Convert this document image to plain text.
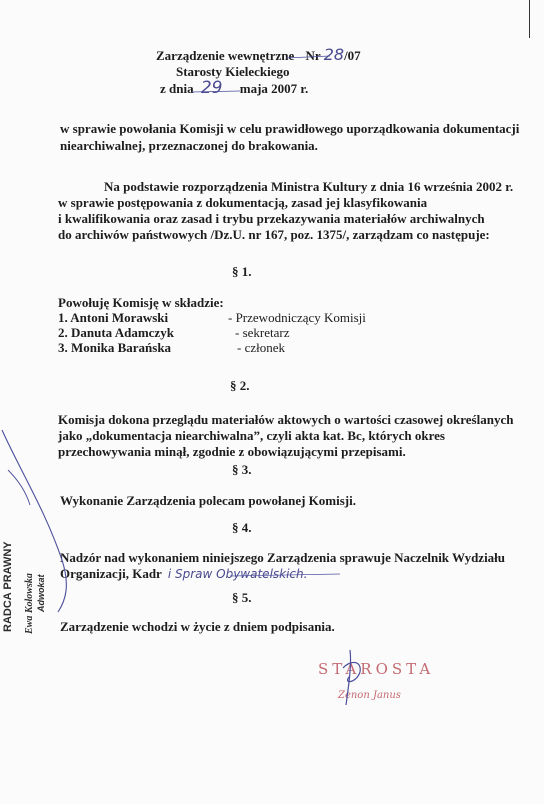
Zarządzenie wewnętrzne Nr 28/07
Starosty Kieleckiego
z dnia 29 maja 2007 r.
w sprawie powołania Komisji w celu prawidłowego uporządkowania dokumentacji
niearchiwalnej, przeznaczonej do brakowania.
Na podstawie rozporządzenia Ministra Kultury z dnia 16 września 2002 r.
w sprawie postępowania z dokumentacją, zasad jej klasyfikowania
i kwalifikowania oraz zasad i trybu przekazywania materiałów archiwalnych
do archiwów państwowych /Dz.U. nr 167, poz. 1375/, zarządzam co następuje:
§ 1.
Powołuję Komisję w składzie:
1. Antoni Morawski	- Przewodniczący Komisji
2. Danuta Adamczyk	- sekretarz
3. Monika Barańska	- członek
§ 2.
Komisja dokona przeglądu materiałów aktowych o wartości czasowej określanych
jako „dokumentacja niearchiwalna”, czyli akta kat. Bc, których okres
przechowywania minął, zgodnie z obowiązującymi przepisami.
§ 3.
Wykonanie Zarządzenia polecam powołanej Komisji.
§ 4.
Nadzór nad wykonaniem niniejszego Zarządzenia sprawuje Naczelnik Wydziału
Organizacji, Kadr i Spraw Obywatelskich.
§ 5.
Zarządzenie wchodzi w życie z dniem podpisania.
STAROSTA
Zenon Janus
RADCA PRAWNY Ewa Kołowska Adwokat
